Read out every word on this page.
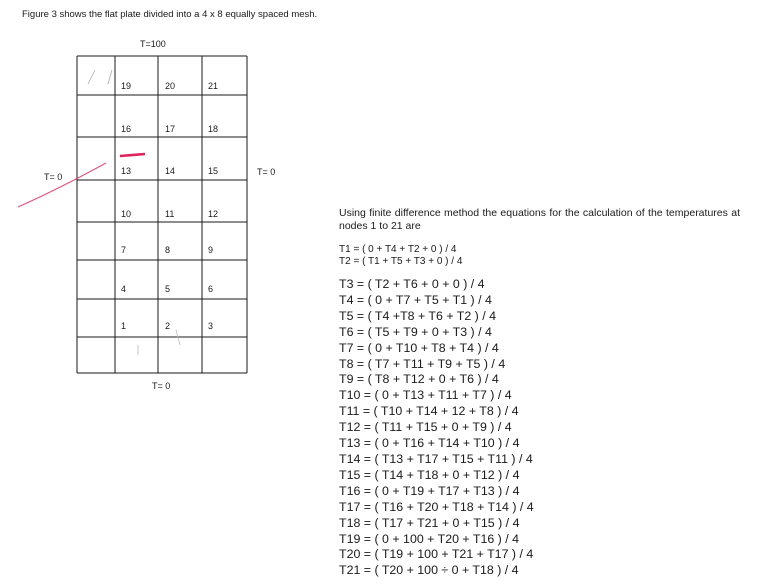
Figure 3 shows the flat plate divided into a 4 x 8 equally spaced mesh.
T=100
T= 0	T= 0
T= 0
19	20	21
16	17	18
13	14	15
10	11	12
7	8	9
4	5	6
1	2	3
Using finite difference method the equations for the calculation of the temperatures at nodes 1 to 21 are
T1 = ( 0 + T4 + T2 + 0 ) / 4
T2 = ( T1 + T5 + T3 + 0 ) / 4
T3 = ( T2 + T6 + 0 + 0 ) / 4
T4 = ( 0 + T7 + T5 + T1 ) / 4
T5 = ( T4 +T8 + T6 + T2 ) / 4
T6 = ( T5 + T9 + 0 + T3 ) / 4
T7 = ( 0 + T10 + T8 + T4 ) / 4
T8 = ( T7 + T11 + T9 + T5 ) / 4
T9 = ( T8 + T12 + 0 + T6 ) / 4
T10 = ( 0 + T13 + T11 + T7 ) / 4
T11 = ( T10 + T14 + 12 + T8 ) / 4
T12 = ( T11 + T15 + 0 + T9 ) / 4
T13 = ( 0 + T16 + T14 + T10 ) / 4
T14 = ( T13 + T17 + T15 + T11 ) / 4
T15 = ( T14 + T18 + 0 + T12 ) / 4
T16 = ( 0 + T19 + T17 + T13 ) / 4
T17 = ( T16 + T20 + T18 + T14 ) / 4
T18 = ( T17 + T21 + 0 + T15 ) / 4
T19 = ( 0 + 100 + T20 + T16 ) / 4
T20 = ( T19 + 100 + T21 + T17 ) / 4
T21 = ( T20 + 100 ÷ 0 + T18 ) / 4
